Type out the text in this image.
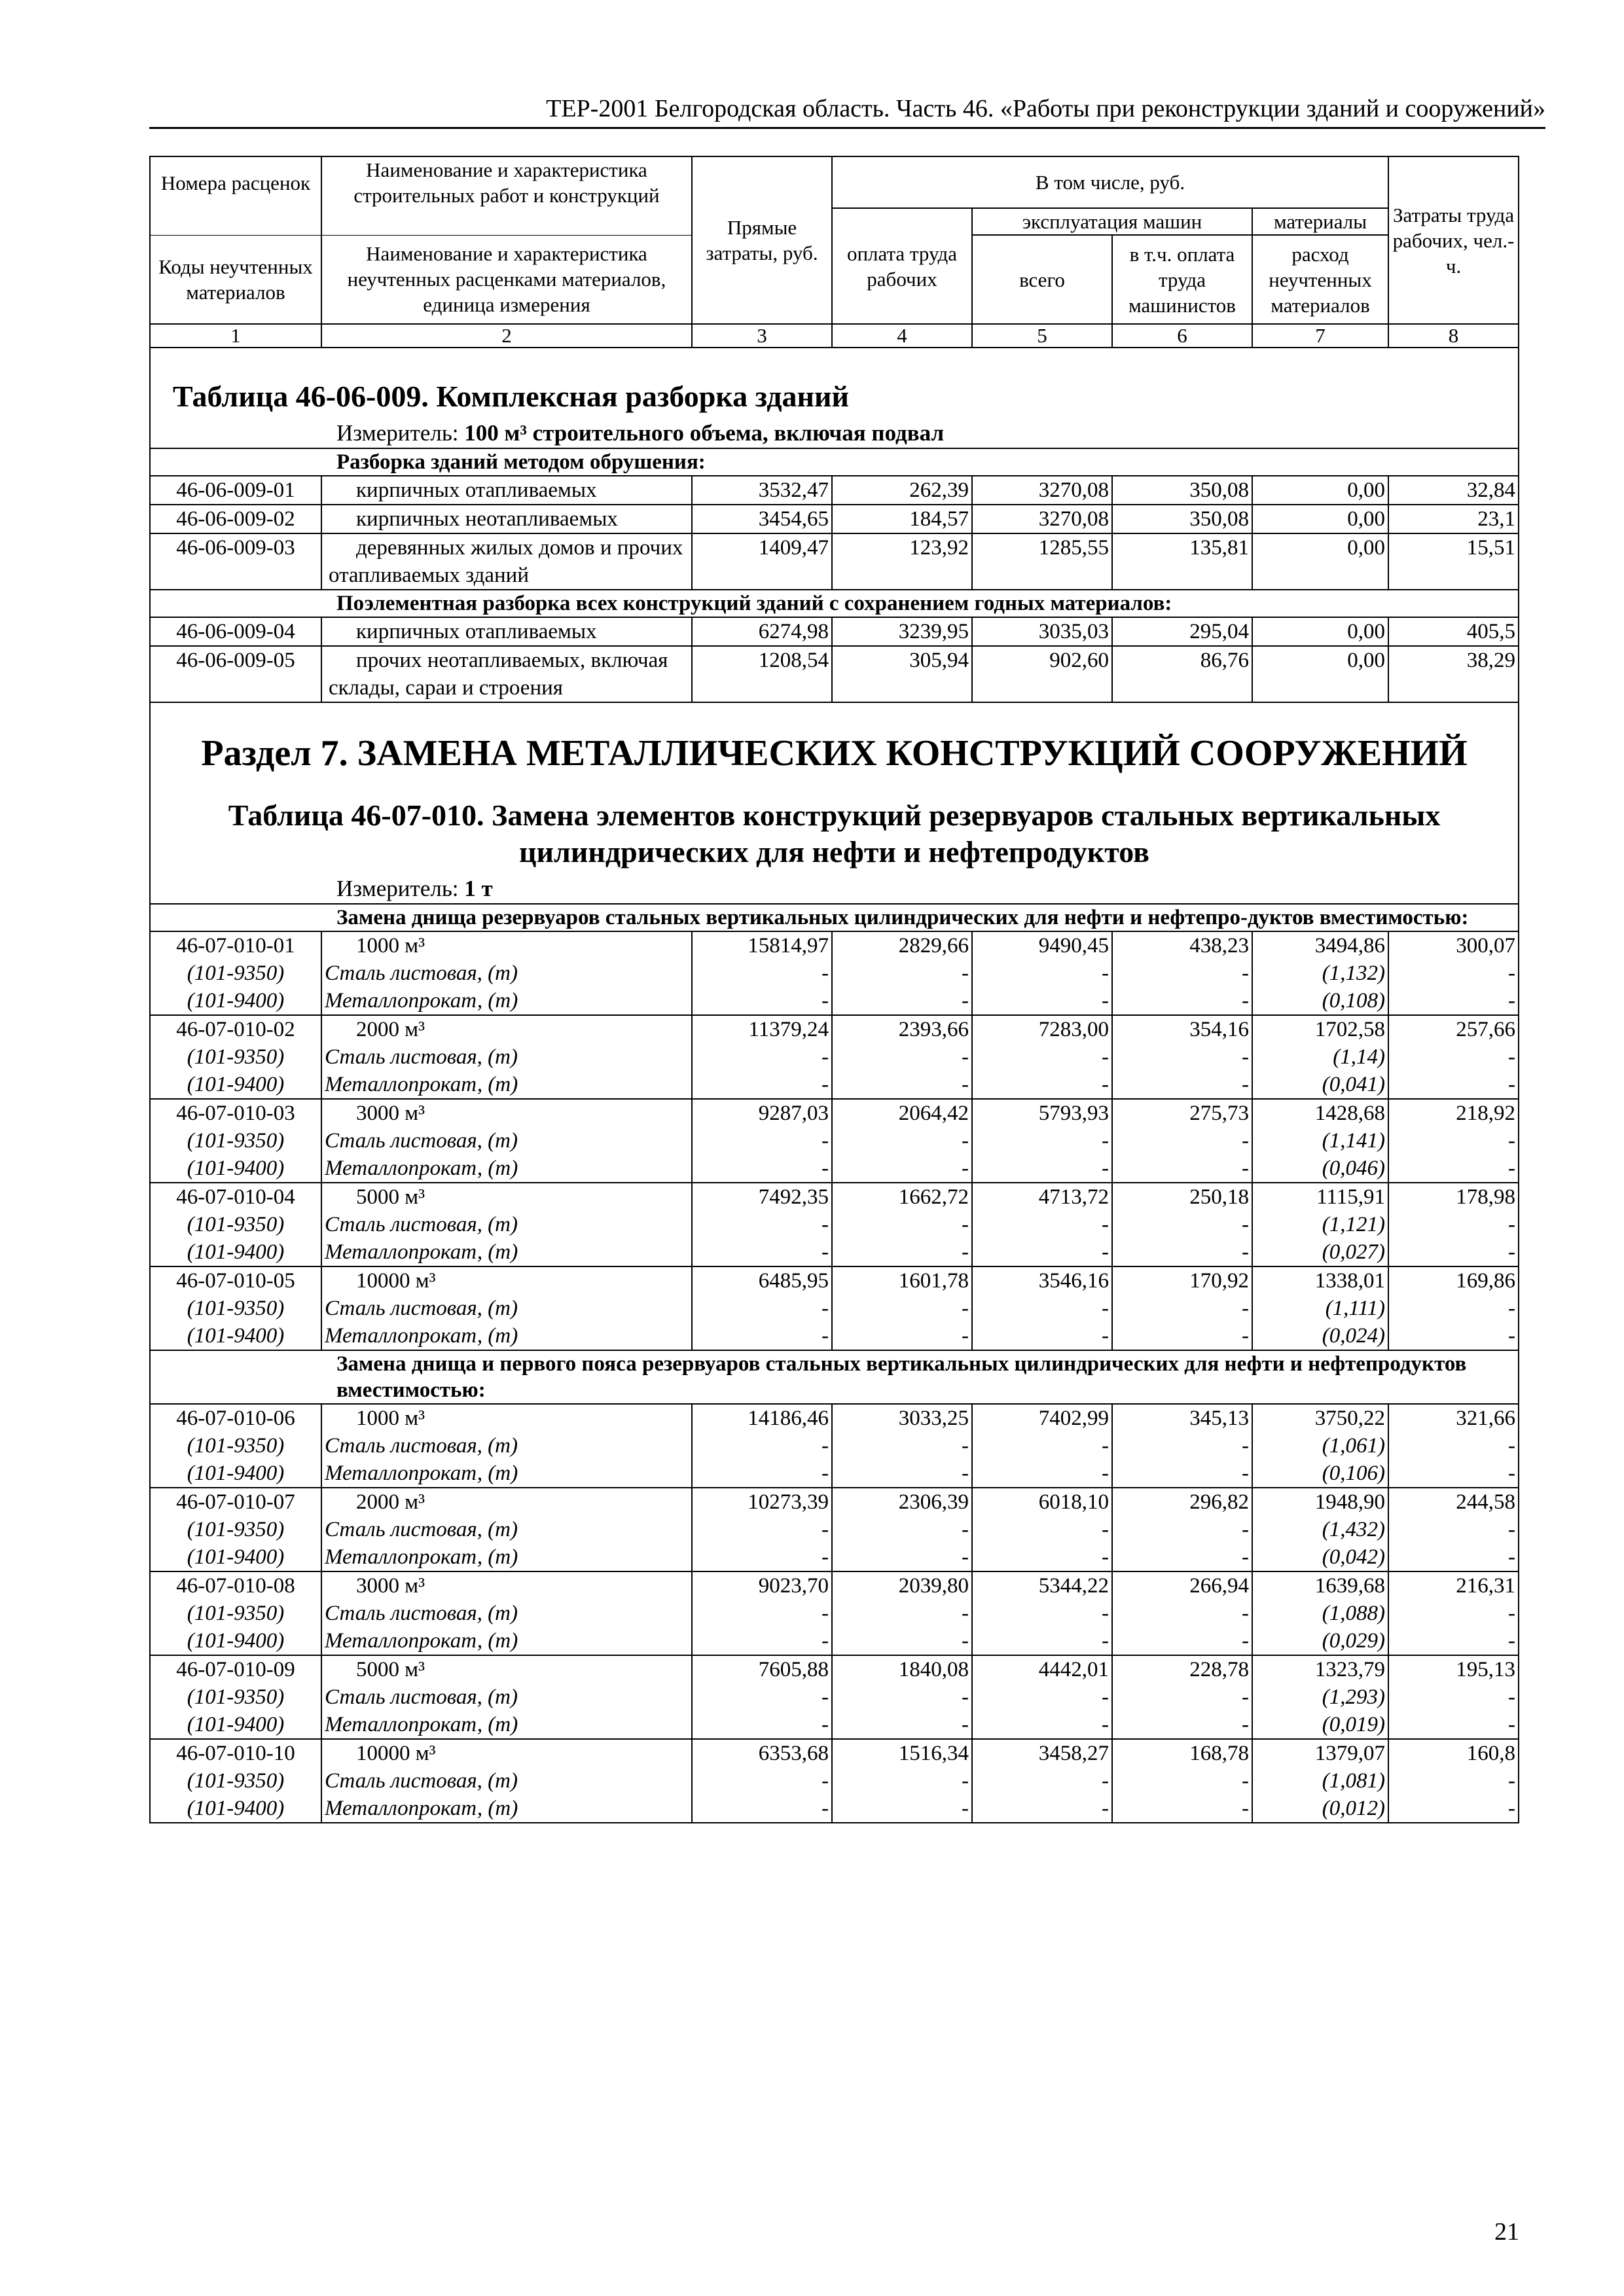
ТЕР-2001 Белгородская область. Часть 46. «Работы при реконструкции зданий и сооружений»
Номера расценок	Наименование и характеристика строительных работ и конструкций	Прямые затраты, руб.	В том числе, руб.				Затраты труда рабочих, чел.-ч.
			оплата труда рабочих	эксплуатация машин		материалы	
Коды неучтенных материалов	Наименование и характеристика неучтенных расценками материалов, единица измерения			всего	в т.ч. оплата труда машинистов	расход неучтенных материалов	

1	2	3	4	5	6	7	8

Таблица 46-06-009. Комплексная разборка зданий
Измеритель: 100 м³ строительного объема, включая подвал							

Разборка зданий методом обрушения:							
46-06-009-01	кирпичных отапливаемых	3532,47	262,39	3270,08	350,08	0,00	32,84
46-06-009-02	кирпичных неотапливаемых	3454,65	184,57	3270,08	350,08	0,00	23,1
46-06-009-03	деревянных жилых домов и прочих отапливаемых зданий	1409,47	123,92	1285,55	135,81	0,00	15,51
Поэлементная разборка всех конструкций зданий с сохранением годных материалов:							
46-06-009-04	кирпичных отапливаемых	6274,98	3239,95	3035,03	295,04	0,00	405,5
46-06-009-05	прочих неотапливаемых, включая склады, сараи и строения	1208,54	305,94	902,60	86,76	0,00	38,29

Раздел 7. ЗАМЕНА МЕТАЛЛИЧЕСКИХ КОНСТРУКЦИЙ СООРУЖЕНИЙ
Таблица 46-07-010. Замена элементов конструкций резервуаров стальных вертикальных
цилиндрических для нефти и нефтепродуктов
Измеритель: 1 т							

Замена днища резервуаров стальных вертикальных цилиндрических для нефти и нефтепро-дуктов вместимостью:							
46-07-010-01	1000 м³	15814,97	2829,66	9490,45	438,23	3494,86	300,07
(101-9350)	Сталь листовая, (т)	-	-	-	-	(1,132)	-
(101-9400)	Металлопрокат, (т)	-	-	-	-	(0,108)	-
46-07-010-02	2000 м³	11379,24	2393,66	7283,00	354,16	1702,58	257,66
(101-9350)	Сталь листовая, (т)	-	-	-	-	(1,14)	-
(101-9400)	Металлопрокат, (т)	-	-	-	-	(0,041)	-
46-07-010-03	3000 м³	9287,03	2064,42	5793,93	275,73	1428,68	218,92
(101-9350)	Сталь листовая, (т)	-	-	-	-	(1,141)	-
(101-9400)	Металлопрокат, (т)	-	-	-	-	(0,046)	-
46-07-010-04	5000 м³	7492,35	1662,72	4713,72	250,18	1115,91	178,98
(101-9350)	Сталь листовая, (т)	-	-	-	-	(1,121)	-
(101-9400)	Металлопрокат, (т)	-	-	-	-	(0,027)	-
46-07-010-05	10000 м³	6485,95	1601,78	3546,16	170,92	1338,01	169,86
(101-9350)	Сталь листовая, (т)	-	-	-	-	(1,111)	-
(101-9400)	Металлопрокат, (т)	-	-	-	-	(0,024)	-
Замена днища и первого пояса резервуаров стальных вертикальных цилиндрических для нефти и нефтепродуктов вместимостью:							
46-07-010-06	1000 м³	14186,46	3033,25	7402,99	345,13	3750,22	321,66
(101-9350)	Сталь листовая, (т)	-	-	-	-	(1,061)	-
(101-9400)	Металлопрокат, (т)	-	-	-	-	(0,106)	-
46-07-010-07	2000 м³	10273,39	2306,39	6018,10	296,82	1948,90	244,58
(101-9350)	Сталь листовая, (т)	-	-	-	-	(1,432)	-
(101-9400)	Металлопрокат, (т)	-	-	-	-	(0,042)	-
46-07-010-08	3000 м³	9023,70	2039,80	5344,22	266,94	1639,68	216,31
(101-9350)	Сталь листовая, (т)	-	-	-	-	(1,088)	-
(101-9400)	Металлопрокат, (т)	-	-	-	-	(0,029)	-
46-07-010-09	5000 м³	7605,88	1840,08	4442,01	228,78	1323,79	195,13
(101-9350)	Сталь листовая, (т)	-	-	-	-	(1,293)	-
(101-9400)	Металлопрокат, (т)	-	-	-	-	(0,019)	-
46-07-010-10	10000 м³	6353,68	1516,34	3458,27	168,78	1379,07	160,8
(101-9350)	Сталь листовая, (т)	-	-	-	-	(1,081)	-
(101-9400)	Металлопрокат, (т)	-	-	-	-	(0,012)	-
21
